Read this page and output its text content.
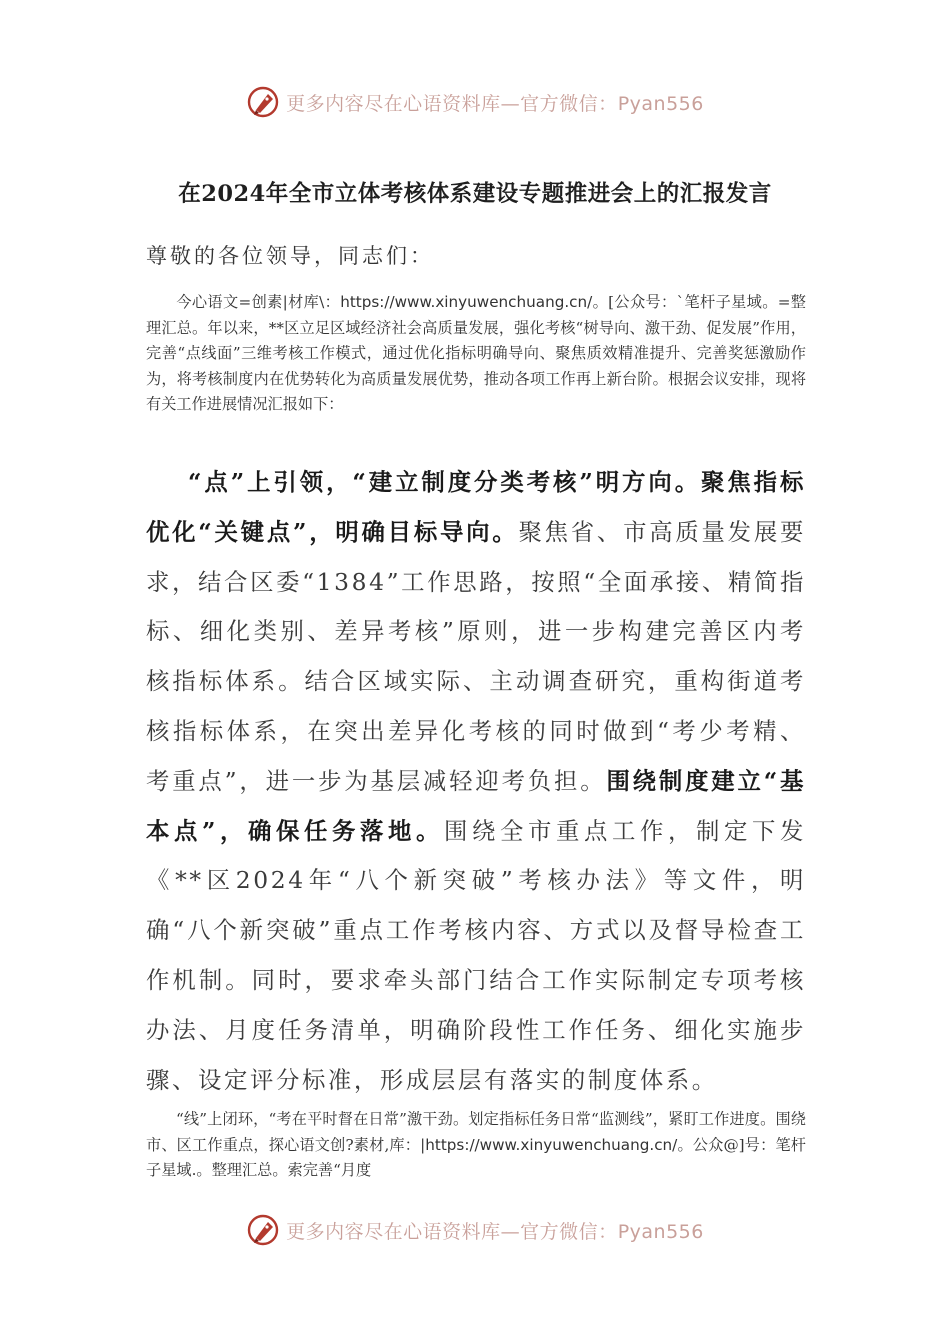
更多内容尽在心语资料库—官方微信：Pyan556
在2024年全市立体考核体系建设专题推进会上的汇报发言
尊敬的各位领导，同志们：
今心语文=创素|材库\：https://www.xinyuwenchuang.cn/。[公众号：`笔杆子星域。=整理汇总。年以来，**区立足区域经济社会高质量发展，强化考核“树导向、激干劲、促发展”作用，完善“点线面”三维考核工作模式，通过优化指标明确导向、聚焦质效精准提升、完善奖惩激励作为，将考核制度内在优势转化为高质量发展优势，推动各项工作再上新台阶。根据会议安排，现将有关工作进展情况汇报如下：
“点”上引领，“建立制度分类考核”明方向。聚焦指标优化“关键点”，明确目标导向。聚焦省、市高质量发展要求，结合区委“1384”工作思路，按照“全面承接、精简指标、细化类别、差异考核”原则，进一步构建完善区内考核指标体系。结合区域实际、主动调查研究，重构街道考核指标体系，在突出差异化考核的同时做到“考少考精、考重点”，进一步为基层减轻迎考负担。围绕制度建立“基本点”，确保任务落地。围绕全市重点工作，制定下发《**区2024年“八个新突破”考核办法》等文件，明确“八个新突破”重点工作考核内容、方式以及督导检查工作机制。同时，要求牵头部门结合工作实际制定专项考核办法、月度任务清单，明确阶段性工作任务、细化实施步骤、设定评分标准，形成层层有落实的制度体系。
“线”上闭环，“考在平时督在日常”激干劲。划定指标任务日常“监测线”，紧盯工作进度。围绕市、区工作重点，探心语文创?素材,库：|https://www.xinyuwenchuang.cn/。公众@]号：笔杆子星域.。整理汇总。索完善“月度
更多内容尽在心语资料库—官方微信：Pyan556
